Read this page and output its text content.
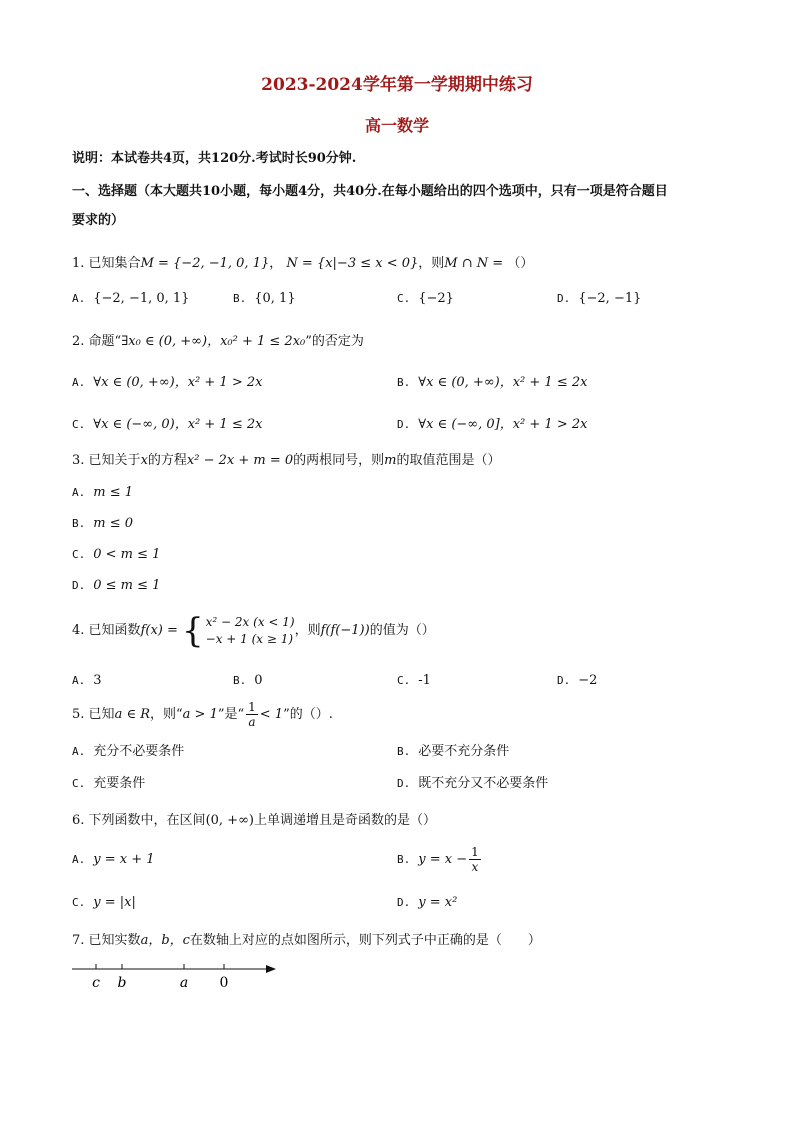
2023-2024学年第一学期期中练习
高一数学
说明：本试卷共4页，共120分.考试时长90分钟.
一、选择题（本大题共10小题，每小题4分，共40分.在每小题给出的四个选项中，只有一项是符合题目
要求的）
1. 已知集合M = {−2, −1, 0, 1}， N = {x|−3 ≤ x < 0}，则M ∩ N = （）
A. {−2, −1, 0, 1}	B. {0, 1}	C. {−2}	D. {−2, −1}
2. 命题“∃x₀ ∈ (0, +∞)，x₀² + 1 ≤ 2x₀”的否定为
A. ∀x ∈ (0, +∞)，x² + 1 > 2x	B. ∀x ∈ (0, +∞)，x² + 1 ≤ 2x
C. ∀x ∈ (−∞, 0)，x² + 1 ≤ 2x	D. ∀x ∈ (−∞, 0]，x² + 1 > 2x
3. 已知关于x的方程x² − 2x + m = 0的两根同号，则m的取值范围是（）
A. m ≤ 1
B. m ≤ 0
C. 0 < m ≤ 1
D. 0 ≤ m ≤ 1
4. 已知函数f(x) = { x² − 2x (x < 1)
−x + 1 (x ≥ 1)
，则f(f(−1))的值为（）
A. 3	B. 0	C. -1	D. −2
5. 已知a ∈ R，则“a > 1”是“ $\frac{1}{a} < 1$”的（）.
A. 充分不必要条件	B. 必要不充分条件
C. 充要条件	D. 既不充分又不必要条件
6. 下列函数中，在区间(0, +∞)上单调递增且是奇函数的是（）
A. y = x + 1	B. $y = x - \frac{1}{x}$
C. y = |x|	D. y = x²
7. 已知实数a，b，c在数轴上对应的点如图所示，则下列式子中正确的是（　　）
c b	a 0
